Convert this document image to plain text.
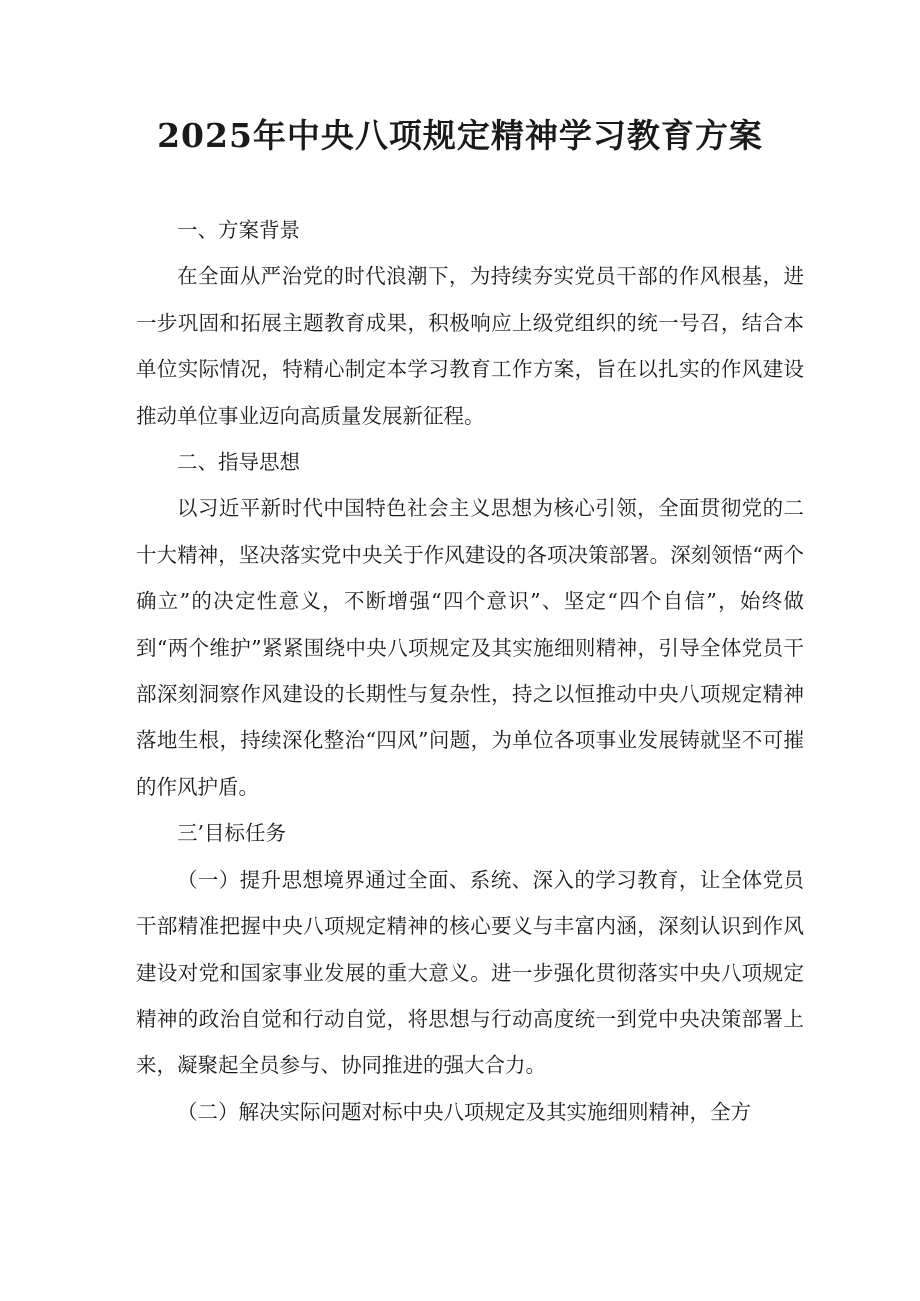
2025年中央八项规定精神学习教育方案

一、方案背景

在全面从严治党的时代浪潮下，为持续夯实党员干部的作风根基，进一步巩固和拓展主题教育成果，积极响应上级党组织的统一号召，结合本单位实际情况，特精心制定本学习教育工作方案，旨在以扎实的作风建设推动单位事业迈向高质量发展新征程。

二、指导思想

以习近平新时代中国特色社会主义思想为核心引领，全面贯彻党的二十大精神，坚决落实党中央关于作风建设的各项决策部署。深刻领悟“两个确立”的决定性意义，不断增强“四个意识”、坚定“四个自信”，始终做到“两个维护”紧紧围绕中央八项规定及其实施细则精神，引导全体党员干部深刻洞察作风建设的长期性与复杂性，持之以恒推动中央八项规定精神落地生根，持续深化整治“四风”问题，为单位各项事业发展铸就坚不可摧的作风护盾。

三’目标任务

（一）提升思想境界通过全面、系统、深入的学习教育，让全体党员干部精准把握中央八项规定精神的核心要义与丰富内涵，深刻认识到作风建设对党和国家事业发展的重大意义。进一步强化贯彻落实中央八项规定精神的政治自觉和行动自觉，将思想与行动高度统一到党中央决策部署上来，凝聚起全员参与、协同推进的强大合力。

（二）解决实际问题对标中央八项规定及其实施细则精神，全方
